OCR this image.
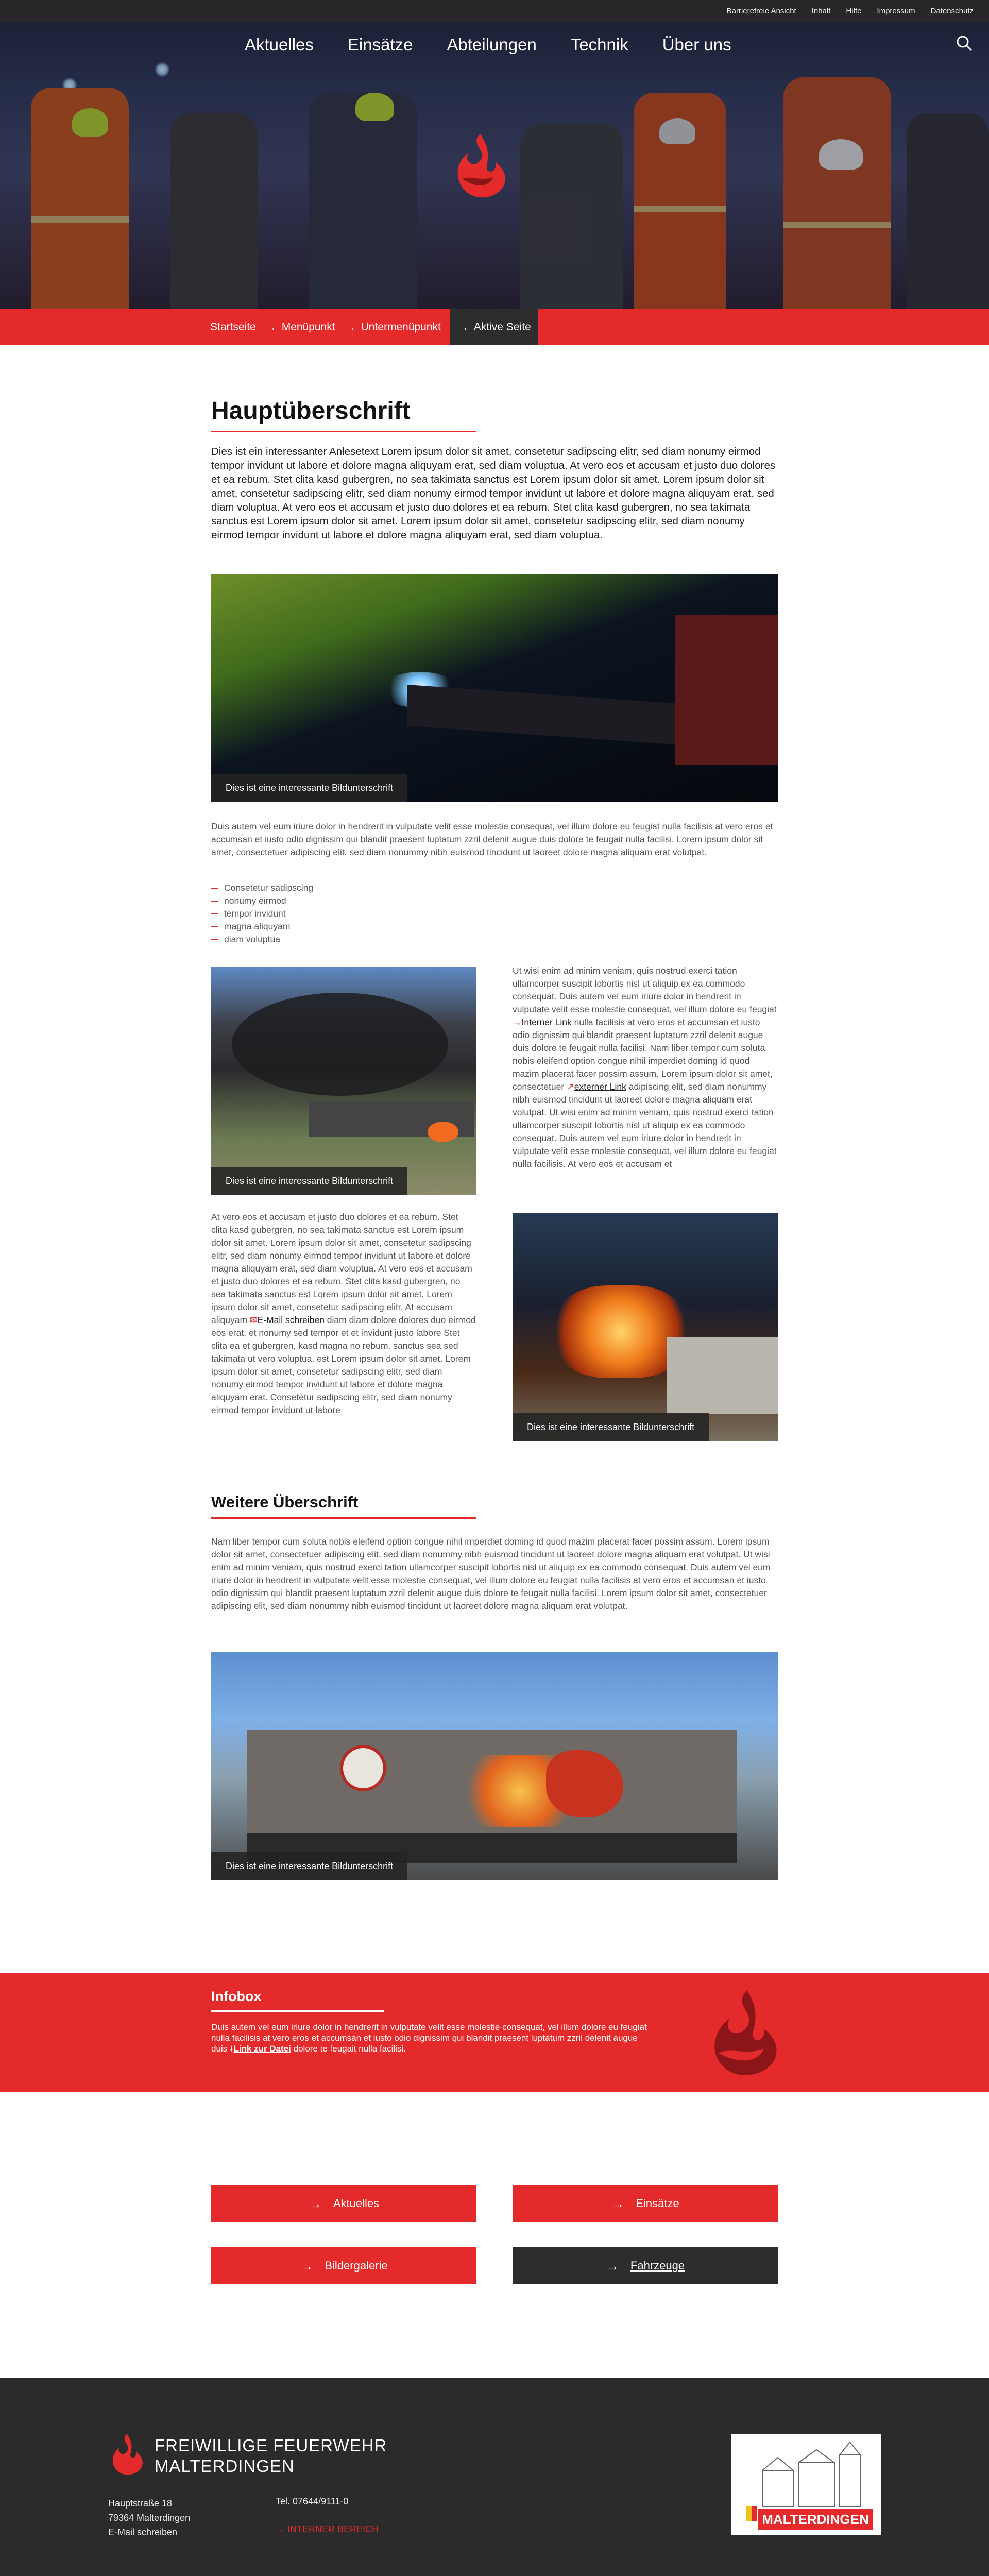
Barrierefreie Ansicht Inhalt Hilfe Impressum Datenschutz
Aktuelles Einsätze Abteilungen Technik Über uns
Startseite → Menüpunkt → Untermenüpunkt → Aktive Seite
Hauptüberschrift

Dies ist ein interessanter Anlesetext Lorem ipsum dolor sit amet, consetetur sadipscing elitr, sed diam nonumy eirmod tempor invidunt ut labore et dolore magna aliquyam erat, sed diam voluptua. At vero eos et accusam et justo duo dolores et ea rebum. Stet clita kasd gubergren, no sea takimata sanctus est Lorem ipsum dolor sit amet. Lorem ipsum dolor sit amet, consetetur sadipscing elitr, sed diam nonumy eirmod tempor invidunt ut labore et dolore magna aliquyam erat, sed diam voluptua. At vero eos et accusam et justo duo dolores et ea rebum. Stet clita kasd gubergren, no sea takimata sanctus est Lorem ipsum dolor sit amet. Lorem ipsum dolor sit amet, consetetur sadipscing elitr, sed diam nonumy eirmod tempor invidunt ut labore et dolore magna aliquyam erat, sed diam voluptua.

Dies ist eine interessante Bildunterschrift

Duis autem vel eum iriure dolor in hendrerit in vulputate velit esse molestie consequat, vel illum dolore eu feugiat nulla facilisis at vero eros et accumsan et iusto odio dignissim qui blandit praesent luptatum zzril delenit augue duis dolore te feugait nulla facilisi. Lorem ipsum dolor sit amet, consectetuer adipiscing elit, sed diam nonummy nibh euismod tincidunt ut laoreet dolore magna aliquam erat volutpat.

Consetetur sadipscing
nonumy eirmod
tempor invidunt
magna aliquyam
diam voluptua
Dies ist eine interessante Bildunterschrift

Ut wisi enim ad minim veniam, quis nostrud exerci tation ullamcorper suscipit lobortis nisl ut aliquip ex ea commodo consequat. Duis autem vel eum iriure dolor in hendrerit in vulputate velit esse molestie consequat, vel illum dolore eu feugiat →Interner Link nulla facilisis at vero eros et accumsan et iusto odio dignissim qui blandit praesent luptatum zzril delenit augue duis dolore te feugait nulla facilisi. Nam liber tempor cum soluta nobis eleifend option congue nihil imperdiet doming id quod mazim placerat facer possim assum. Lorem ipsum dolor sit amet, consectetuer ↗externer Link adipiscing elit, sed diam nonummy nibh euismod tincidunt ut laoreet dolore magna aliquam erat volutpat. Ut wisi enim ad minim veniam, quis nostrud exerci tation ullamcorper suscipit lobortis nisl ut aliquip ex ea commodo consequat. Duis autem vel eum iriure dolor in hendrerit in vulputate velit esse molestie consequat, vel illum dolore eu feugiat nulla facilisis. At vero eos et accusam et

At vero eos et accusam et justo duo dolores et ea rebum. Stet clita kasd gubergren, no sea takimata sanctus est Lorem ipsum dolor sit amet. Lorem ipsum dolor sit amet, consetetur sadipscing elitr, sed diam nonumy eirmod tempor invidunt ut labore et dolore magna aliquyam erat, sed diam voluptua. At vero eos et accusam et justo duo dolores et ea rebum. Stet clita kasd gubergren, no sea takimata sanctus est Lorem ipsum dolor sit amet. Lorem ipsum dolor sit amet, consetetur sadipscing elitr. At accusam aliquyam ✉E-Mail schreiben diam diam dolore dolores duo eirmod eos erat, et nonumy sed tempor et et invidunt justo labore Stet clita ea et gubergren, kasd magna no rebum. sanctus sea sed takimata ut vero voluptua. est Lorem ipsum dolor sit amet. Lorem ipsum dolor sit amet, consetetur sadipscing elitr, sed diam nonumy eirmod tempor invidunt ut labore et dolore magna aliquyam erat. Consetetur sadipscing elitr, sed diam nonumy eirmod tempor invidunt ut labore

Dies ist eine interessante Bildunterschrift
Weitere Überschrift

Nam liber tempor cum soluta nobis eleifend option congue nihil imperdiet doming id quod mazim placerat facer possim assum. Lorem ipsum dolor sit amet, consectetuer adipiscing elit, sed diam nonummy nibh euismod tincidunt ut laoreet dolore magna aliquam erat volutpat. Ut wisi enim ad minim veniam, quis nostrud exerci tation ullamcorper suscipit lobortis nisl ut aliquip ex ea commodo consequat. Duis autem vel eum iriure dolor in hendrerit in vulputate velit esse molestie consequat, vel illum dolore eu feugiat nulla facilisis at vero eros et accumsan et iusto odio dignissim qui blandit praesent luptatum zzril delenit augue duis dolore te feugait nulla facilisi. Lorem ipsum dolor sit amet, consectetuer adipiscing elit, sed diam nonummy nibh euismod tincidunt ut laoreet dolore magna aliquam erat volutpat.

Dies ist eine interessante Bildunterschrift
Infobox

Duis autem vel eum iriure dolor in hendrerit in vulputate velit esse molestie consequat, vel illum dolore eu feugiat nulla facilisis at vero eros et accumsan et iusto odio dignissim qui blandit praesent luptatum zzril delenit augue duis ⤓Link zur Datei dolore te feugait nulla facilisi.

→ Aktuelles	→ Einsätze
→ Bildergalerie	→ Fahrzeuge
FREIWILLIGE FEUERWEHR
MALTERDINGEN
Hauptstraße 18
79364 Malterdingen
E-Mail schreiben
Tel. 07644/9111-0
→ INTERNER BEREICH
MALTERDINGEN
